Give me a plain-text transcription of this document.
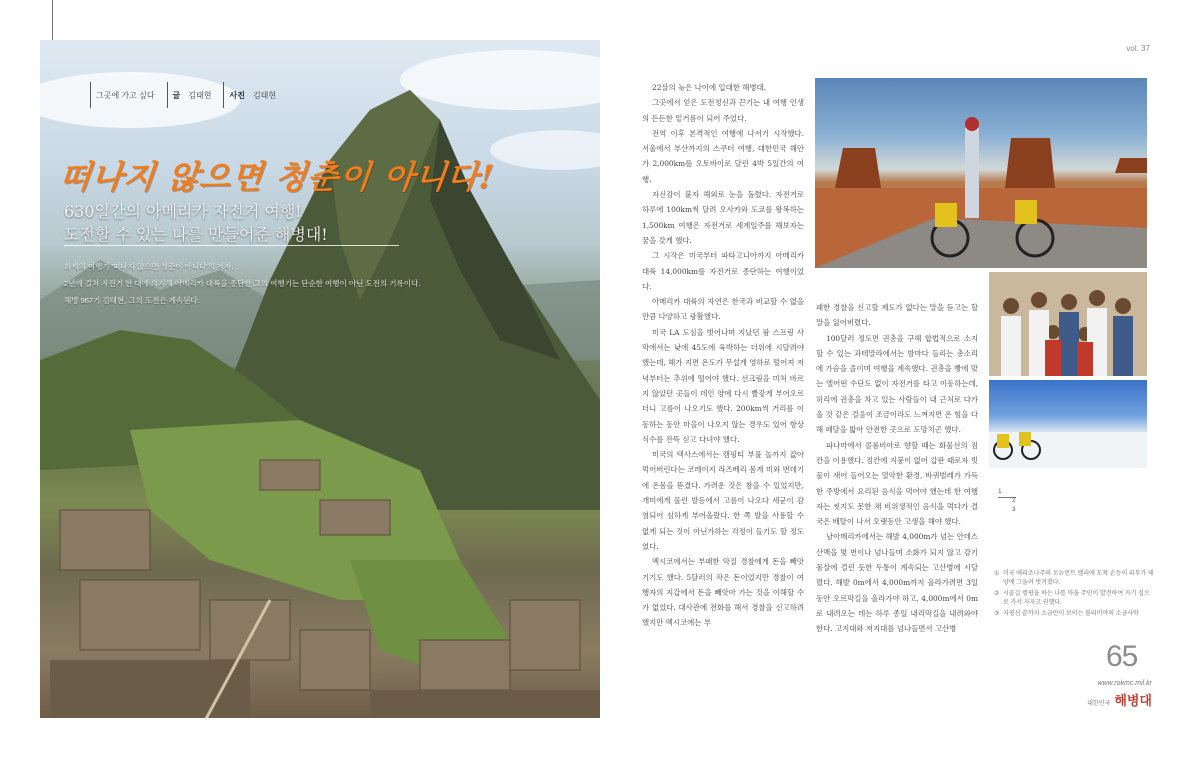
그곳에 가고 싶다 글 김태현 사진 김태현
떠나지 않으면 청춘이 아니다!
630일간의 아메리카 자전거 여행!
도전할 수 있는 나를 만들어준 해병대!
화제의 여행기 '떠나지 않으면 청춘이 아니다'의 저자,
2년에 걸쳐 자전거 한 대에 의지해 아메리카 대륙을 종단한 그의 여행기는 단순한 여행이 아닌 도전의 기록이다.
해병 967기 김태현, 그의 도전은 계속된다.
vol. 37

22살의 늦은 나이에 입대한 해병대.

그곳에서 얻은 도전정신과 끈기는 내 여행 인생의 든든한 밑거름이 되어 주었다.

전역 이후 본격적인 여행에 나서기 시작했다. 서울에서 부산까지의 스쿠터 여행, 대한민국 해안가 2,000km를 오토바이로 달린 4박 5일간의 여행.

자신감이 붙자 해외로 눈을 돌렸다. 자전거로 하루에 100km씩 달려 오사카와 도쿄를 왕복하는 1,500km 여행은 자전거로 세계일주를 해보자는 꿈을 갖게 했다.

그 시작은 미국부터 파타고니아까지 아메리카 대륙 14,000km를 자전거로 종단하는 여행이었다.

아메리카 대륙의 자연은 한국과 비교할 수 없을 만큼 다양하고 광활했다.

미국 LA 도심을 벗어나며 지났던 팜 스프링 사막에서는 낮에 45도에 육박하는 더위에 시달려야 했는데, 해가 지면 온도가 무섭게 영하로 떨어져 저녁부터는 추위에 떨어야 했다. 선크림을 미처 바르지 않았던 곳들이 데인 양에 다시 빨갛게 부어오르더니 고름이 나오기도 했다. 200km씩 거리를 이동하는 동안 마을이 나오지 않는 경우도 있어 항상 식수를 잔뜩 싣고 다녀야 했다.

미국의 텍사스에서는 캠핑티 부풀 놀까지 값아 먹어버린다는 코레이지 라즈베리 몸게 미와 번데기에 온몸을 뜯겼다. 가려운 것은 참을 수 있었지만, 개미에게 물린 발등에서 고름이 나오다 세균이 감염되어 심하게 부어올랐다. 한 쪽 발을 사용할 수 없게 되는 것이 아닌가하는 걱정이 들기도 할 정도였다.

멕시코에서는 부패한 악질 경찰에게 돈을 빼앗기기도 했다. 5달러의 작은 돈이었지만 경찰이 여행자의 지갑에서 돈을 빼앗아 가는 것을 이해할 수가 없었다. 대사관에 전화를 해서 경찰을 신고하려 했지만 멕시코에는 부

패한 경찰을 신고할 제도가 없다는 말을 듣고는 할 말을 잃어버렸다.

100달러 정도면 권총을 구해 합법적으로 소지할 수 있는 과테말라에서는 밤마다 들리는 총소리에 가슴을 졸이며 여행을 계속했다. 권총을 빵에 맞는 엘어떤 수단도 없이 자전거를 타고 이동하는데, 허리에 권총을 차고 있는 사람들이 내 근처로 다가올 것 같은 걸음이 조금이라도 느껴지면 온 힘을 다해 페달을 밟아 안전한 곳으로 도망치곤 했다.

파나마에서 콜롬비아로 향할 때는 화물선의 짐칸을 이용했다. 짐칸에 지붕이 없어 갑판 때로자 빗물이 새어 들어오는 열악한 환경, 바퀴벌레가 가득한 주방에서 요리된 음식을 먹어야 했는데 한 여행자는 씻지도 못한 채 비위생적인 음식을 먹다가 결국은 배탈이 나서 오랫동안 고생을 해야 했다.

남아메리카에서는 해발 4,000m가 넘는 안데스산맥을 몇 번이나 넘나들며 소화가 되지 않고 감기 몸살에 걸린 듯한 두통이 계속되는 고산병에 시달렸다. 해발 0m에서 4,000m까지 올라가려면 3일 동안 오르막길을 올라가야 하고, 4,000m에서 0m로 내려오는 데는 하루 종일 내리막길을 내려와야 한다. 고지대와 저지대를 넘나들면서 고산병

1
2
3
① 미국 애리조나주의 모뉴먼트 밸리에 도착 손등이 피부가 태양에 그을려 벗겨졌다.
② 시골길 캠핑을 하는 나를 마을 주민이 발견하여 자기 집으로 가서 자자고 권했다.
③ 지평선 끝까지 소금만이 보이는 볼리비아의 소금사막
65
www.rokmc.mil.kr
대한민국 해병대
